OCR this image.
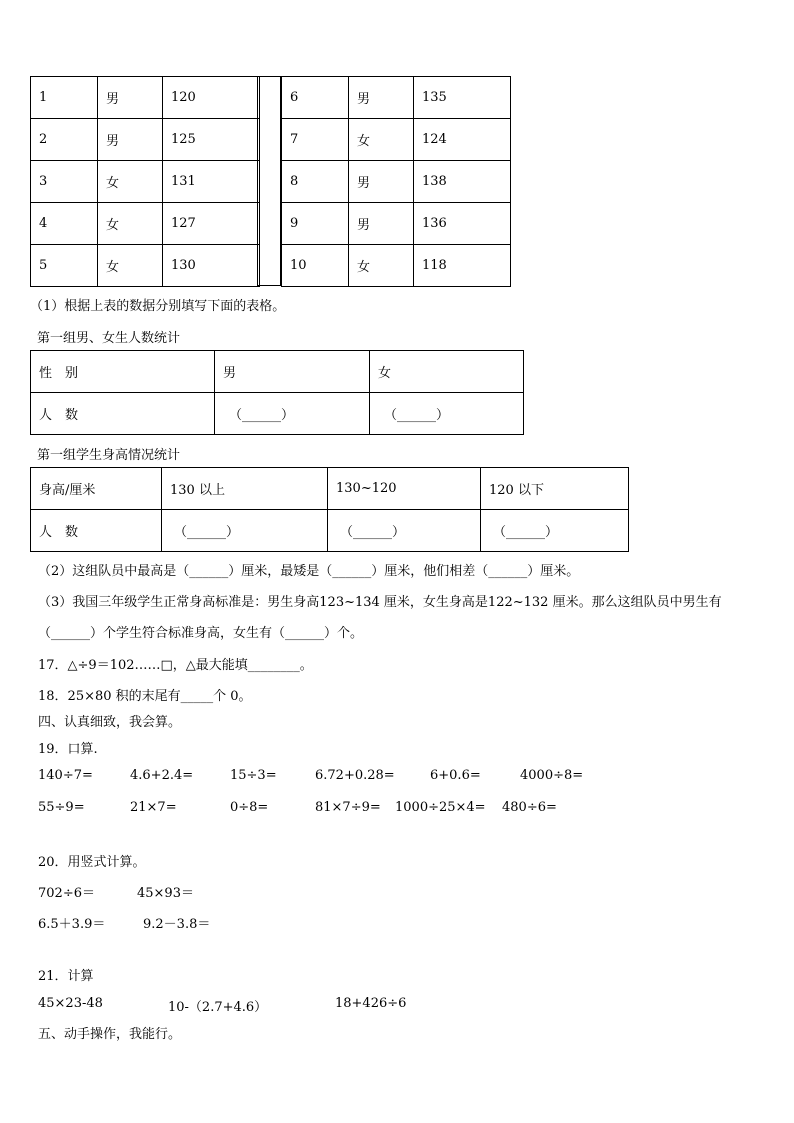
1	男	120
2	男	125
3	女	131
4	女	127
5	女	130
6	男	135
7	女	124
8	男	138
9	男	136
10	女	118
（1）根据上表的数据分别填写下面的表格。
第一组男、女生人数统计
性　别	男	女
人　数	（______）	（______）
第一组学生身高情况统计
身高/厘米	130 以上	130~120	120 以下
人　数	（______）	（______）	（______）
（2）这组队员中最高是（______）厘米，最矮是（______）厘米，他们相差（______）厘米。
（3）我国三年级学生正常身高标准是：男生身高123~134 厘米，女生身高是122~132 厘米。那么这组队员中男生有
（______）个学生符合标准身高，女生有（______）个。
17．△÷9＝102……□，△最大能填________。
18．25×80 积的末尾有_____个 0。
四、认真细致，我会算。
19．口算.
140÷7=	4.6+2.4=	15÷3=	6.72+0.28=	6+0.6=	4000÷8=
55÷9=	21×7=	0÷8=	81×7÷9= 1000÷25×4= 480÷6=
20．用竖式计算。
702÷6＝	45×93＝
6.5＋3.9＝	9.2－3.8＝
21．计算
45×23-48	10-（2.7+4.6）	18+426÷6
五、动手操作，我能行。
